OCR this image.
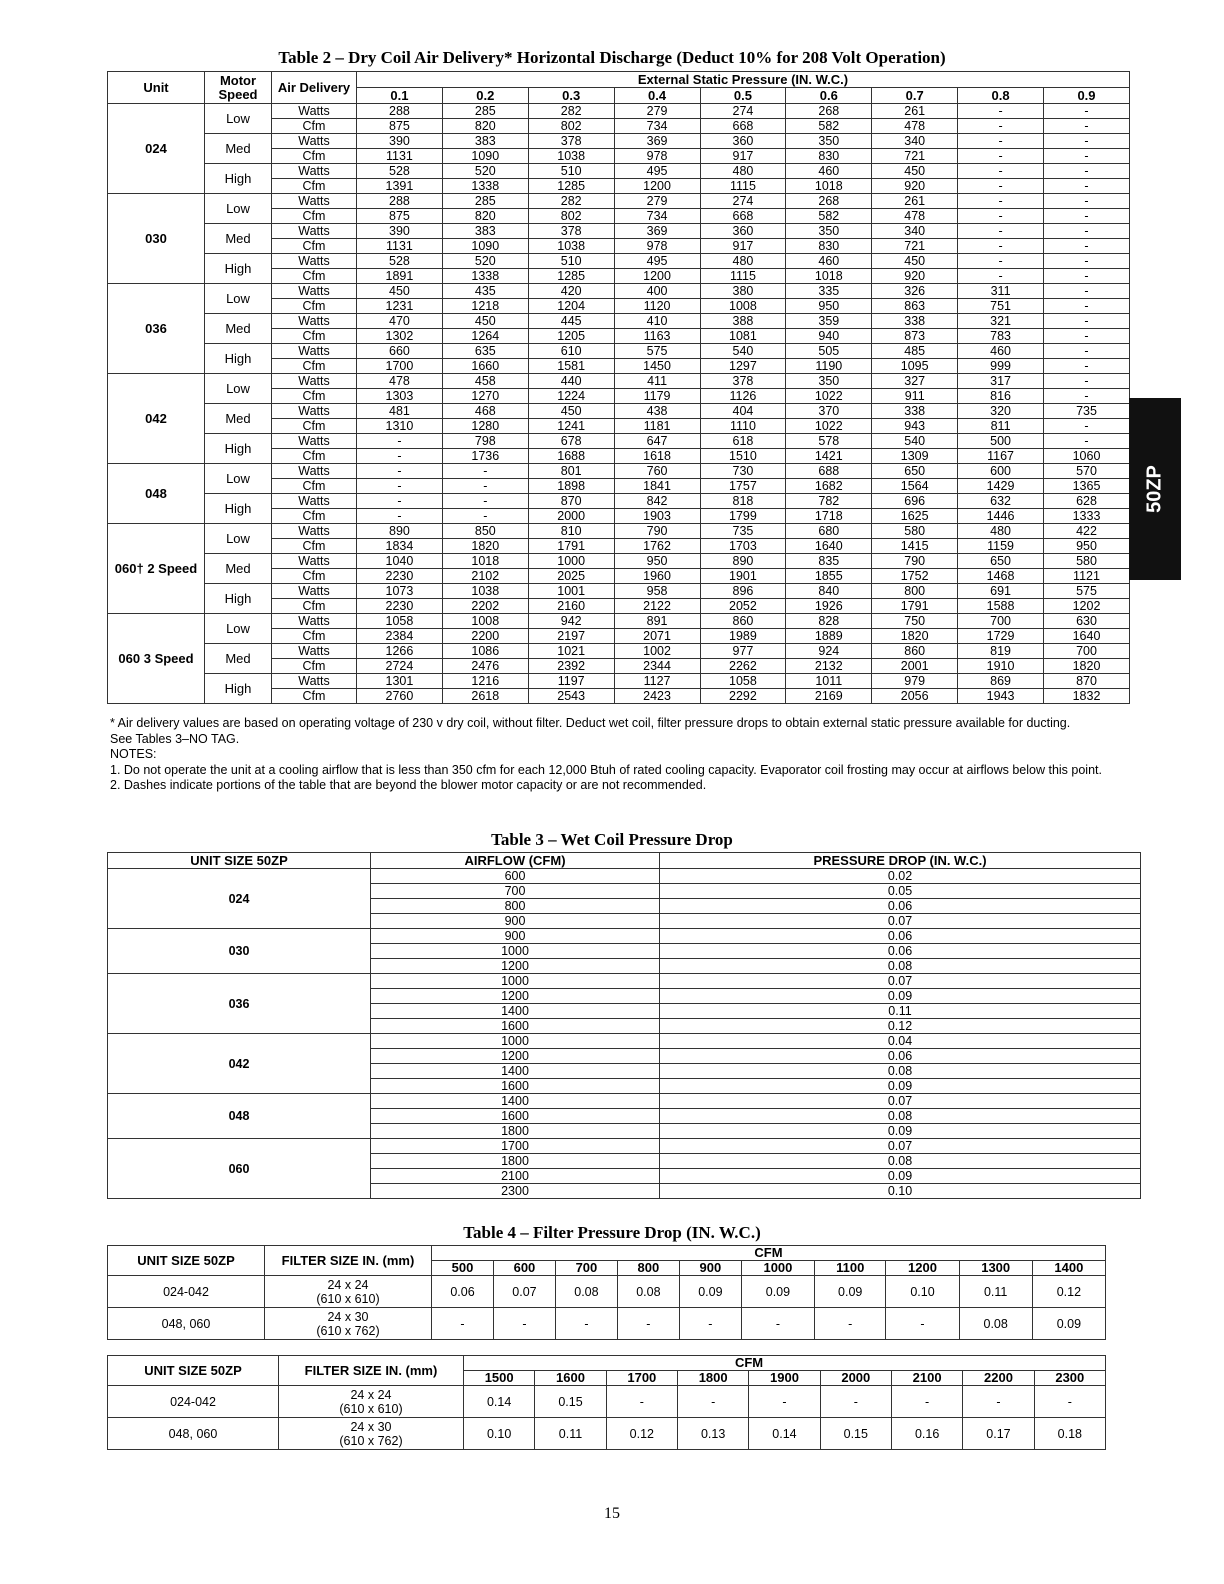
Table 2 – Dry Coil Air Delivery* Horizontal Discharge (Deduct 10% for 208 Volt Operation)
Unit	Motor Speed	Air Delivery	External Static Pressure (IN. W.C.)								
			0.1	0.2	0.3	0.4	0.5	0.6	0.7	0.8	0.9
024	Low	Watts	288	285	282	279	274	268	261	-	-
		Cfm	875	820	802	734	668	582	478	-	-
	Med	Watts	390	383	378	369	360	350	340	-	-
		Cfm	1131	1090	1038	978	917	830	721	-	-
	High	Watts	528	520	510	495	480	460	450	-	-
		Cfm	1391	1338	1285	1200	1115	1018	920	-	-
030	Low	Watts	288	285	282	279	274	268	261	-	-
		Cfm	875	820	802	734	668	582	478	-	-
	Med	Watts	390	383	378	369	360	350	340	-	-
		Cfm	1131	1090	1038	978	917	830	721	-	-
	High	Watts	528	520	510	495	480	460	450	-	-
		Cfm	1891	1338	1285	1200	1115	1018	920	-	-
036	Low	Watts	450	435	420	400	380	335	326	311	-
		Cfm	1231	1218	1204	1120	1008	950	863	751	-
	Med	Watts	470	450	445	410	388	359	338	321	-
		Cfm	1302	1264	1205	1163	1081	940	873	783	-
	High	Watts	660	635	610	575	540	505	485	460	-
		Cfm	1700	1660	1581	1450	1297	1190	1095	999	-
042	Low	Watts	478	458	440	411	378	350	327	317	-
		Cfm	1303	1270	1224	1179	1126	1022	911	816	-
	Med	Watts	481	468	450	438	404	370	338	320	735
		Cfm	1310	1280	1241	1181	1110	1022	943	811	-
	High	Watts	-	798	678	647	618	578	540	500	-
		Cfm	-	1736	1688	1618	1510	1421	1309	1167	1060
048	Low	Watts	-	-	801	760	730	688	650	600	570
		Cfm	-	-	1898	1841	1757	1682	1564	1429	1365
	High	Watts	-	-	870	842	818	782	696	632	628
		Cfm	-	-	2000	1903	1799	1718	1625	1446	1333
060† 2 Speed	Low	Watts	890	850	810	790	735	680	580	480	422
		Cfm	1834	1820	1791	1762	1703	1640	1415	1159	950
	Med	Watts	1040	1018	1000	950	890	835	790	650	580
		Cfm	2230	2102	2025	1960	1901	1855	1752	1468	1121
	High	Watts	1073	1038	1001	958	896	840	800	691	575
		Cfm	2230	2202	2160	2122	2052	1926	1791	1588	1202
060 3 Speed	Low	Watts	1058	1008	942	891	860	828	750	700	630
		Cfm	2384	2200	2197	2071	1989	1889	1820	1729	1640
	Med	Watts	1266	1086	1021	1002	977	924	860	819	700
		Cfm	2724	2476	2392	2344	2262	2132	2001	1910	1820
	High	Watts	1301	1216	1197	1127	1058	1011	979	869	870
		Cfm	2760	2618	2543	2423	2292	2169	2056	1943	1832

* Air delivery values are based on operating voltage of 230 v dry coil, without filter. Deduct wet coil, filter pressure drops to obtain external static pressure available for ducting.

See Tables 3–NO TAG.

NOTES:

1. Do not operate the unit at a cooling airflow that is less than 350 cfm for each 12,000 Btuh of rated cooling capacity. Evaporator coil frosting may occur at airflows below this point.

2. Dashes indicate portions of the table that are beyond the blower motor capacity or are not recommended.

Table 3 – Wet Coil Pressure Drop
UNIT SIZE 50ZP	AIRFLOW (CFM)	PRESSURE DROP (IN. W.C.)
024	600	0.02
	700	0.05
	800	0.06
	900	0.07
030	900	0.06
	1000	0.06
	1200	0.08
036	1000	0.07
	1200	0.09
	1400	0.11
	1600	0.12
042	1000	0.04
	1200	0.06
	1400	0.08
	1600	0.09
048	1400	0.07
	1600	0.08
	1800	0.09
060	1700	0.07
	1800	0.08
	2100	0.09
	2300	0.10
Table 4 – Filter Pressure Drop (IN. W.C.)
UNIT SIZE 50ZP	FILTER SIZE IN. (mm)	CFM									
		500	600	700	800	900	1000	1100	1200	1300	1400
024-042	24 x 24
(610 x 610)	0.06	0.07	0.08	0.08	0.09	0.09	0.09	0.10	0.11	0.12
048, 060	24 x 30
(610 x 762)	-	-	-	-	-	-	-	-	0.08	0.09
UNIT SIZE 50ZP	FILTER SIZE IN. (mm)	CFM								
		1500	1600	1700	1800	1900	2000	2100	2200	2300
024-042	24 x 24
(610 x 610)	0.14	0.15	-	-	-	-	-	-	-
048, 060	24 x 30
(610 x 762)	0.10	0.11	0.12	0.13	0.14	0.15	0.16	0.17	0.18
50ZP
15
